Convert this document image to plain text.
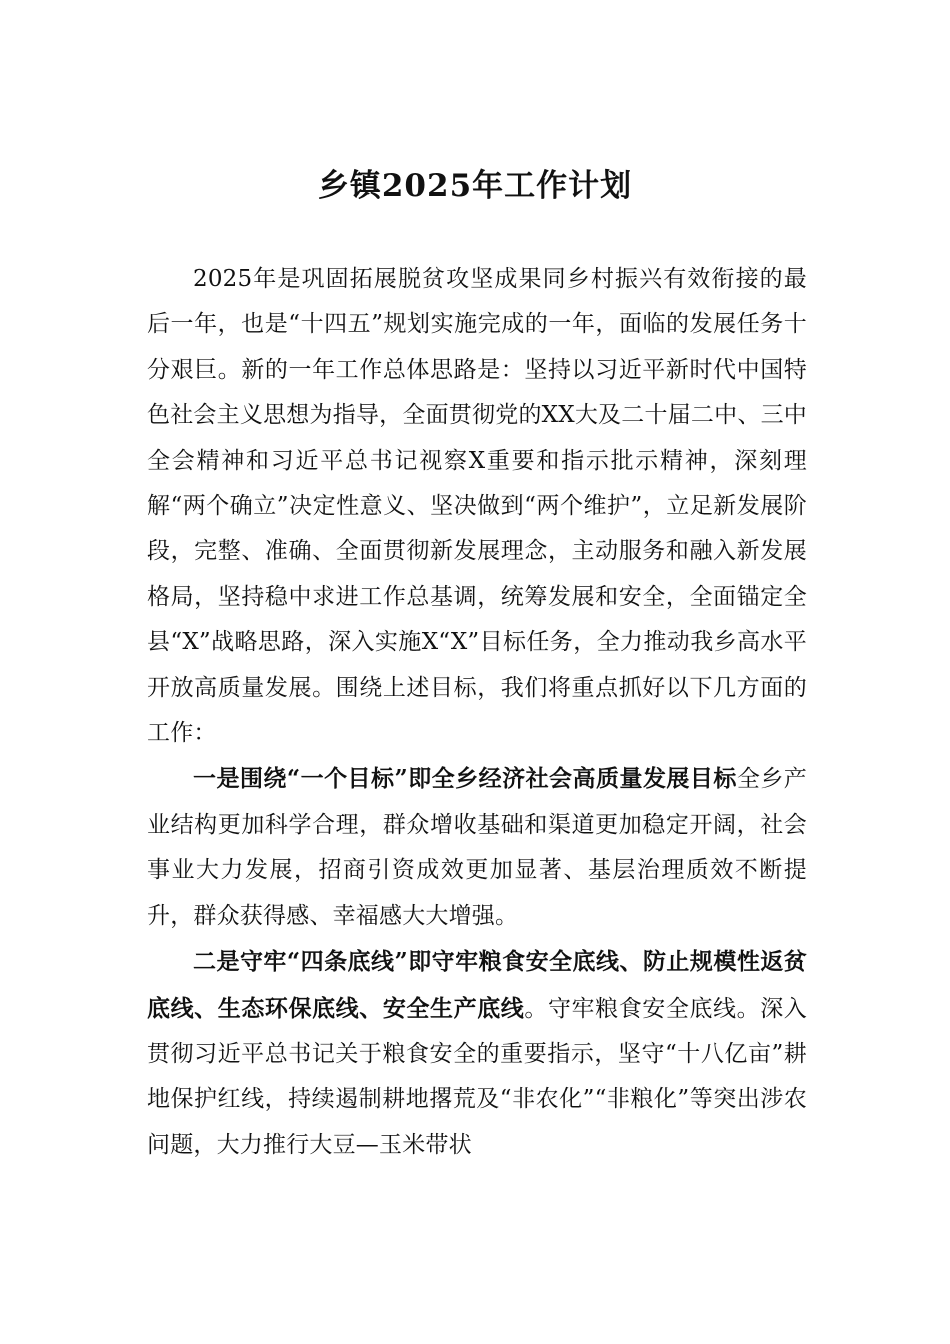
乡镇2025年工作计划

2025年是巩固拓展脱贫攻坚成果同乡村振兴有效衔接的最后一年，也是“十四五”规划实施完成的一年，面临的发展任务十分艰巨。新的一年工作总体思路是：坚持以习近平新时代中国特色社会主义思想为指导，全面贯彻党的XX大及二十届二中、三中全会精神和习近平总书记视察X重要和指示批示精神，深刻理解“两个确立”决定性意义、坚决做到“两个维护”，立足新发展阶段，完整、准确、全面贯彻新发展理念，主动服务和融入新发展格局，坚持稳中求进工作总基调，统筹发展和安全，全面锚定全县“X”战略思路，深入实施X“X”目标任务，全力推动我乡高水平开放高质量发展。围绕上述目标，我们将重点抓好以下几方面的工作：

一是围绕“一个目标”即全乡经济社会高质量发展目标全乡产业结构更加科学合理，群众增收基础和渠道更加稳定开阔，社会事业大力发展，招商引资成效更加显著、基层治理质效不断提升，群众获得感、幸福感大大增强。

二是守牢“四条底线”即守牢粮食安全底线、防止规模性返贫底线、生态环保底线、安全生产底线。守牢粮食安全底线。深入贯彻习近平总书记关于粮食安全的重要指示，坚守“十八亿亩”耕地保护红线，持续遏制耕地撂荒及“非农化”“非粮化”等突出涉农问题，大力推行大豆—玉米带状
